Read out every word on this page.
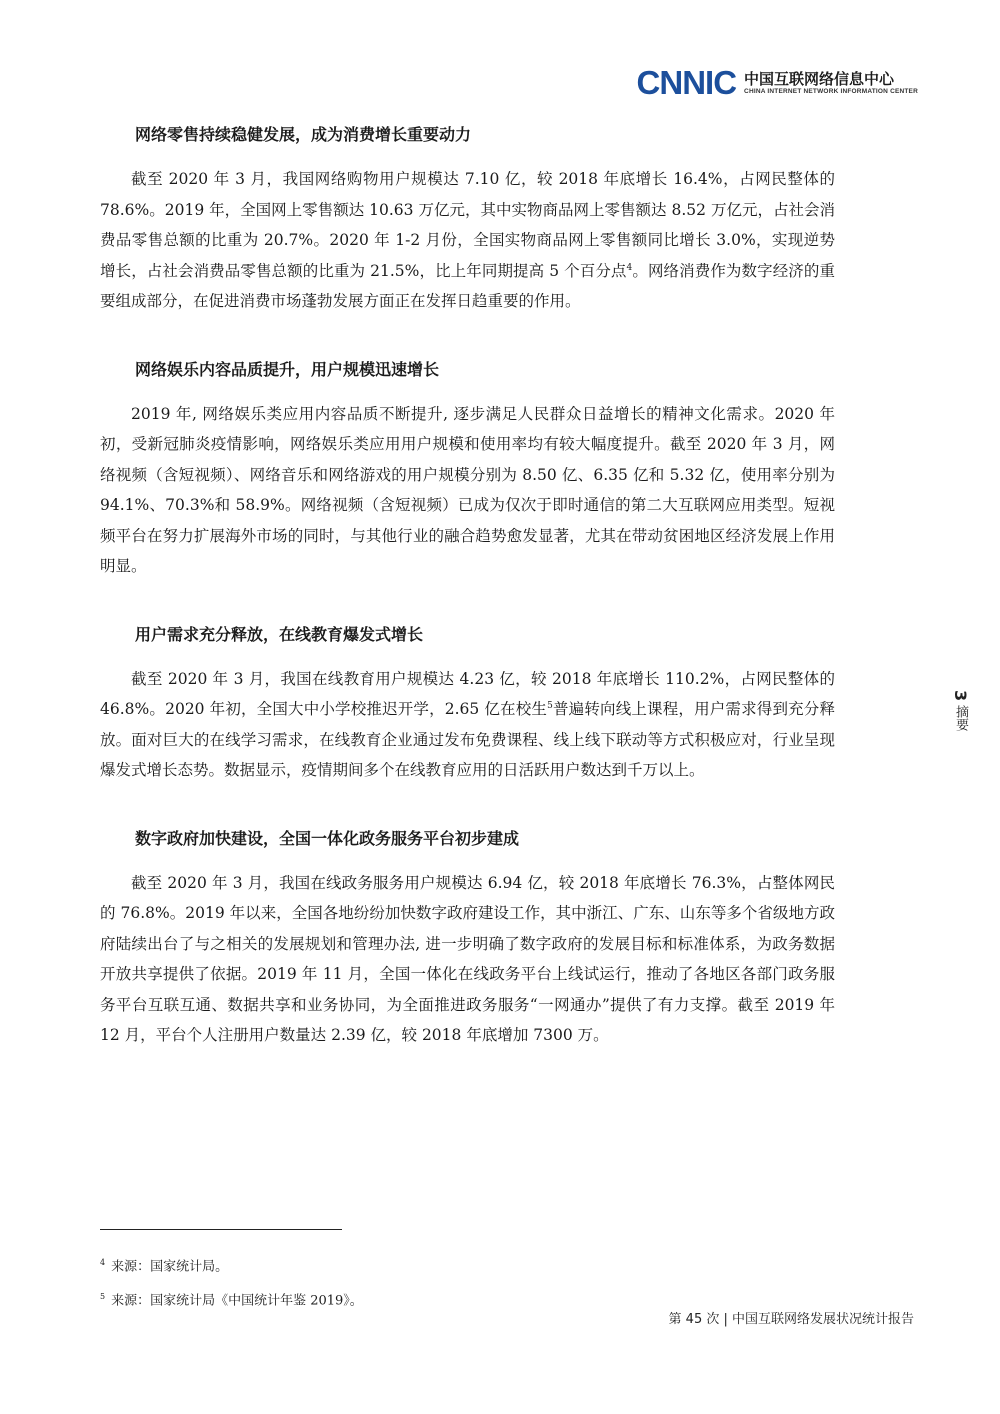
CNNIC 中国互联网络信息中心
CHINA INTERNET NETWORK INFORMATION CENTER
网络零售持续稳健发展，成为消费增长重要动力

截至 2020 年 3 月，我国网络购物用户规模达 7.10 亿，较 2018 年底增长 16.4%，占网民整体的 78.6%。2019 年，全国网上零售额达 10.63 万亿元，其中实物商品网上零售额达 8.52 万亿元，占社会消费品零售总额的比重为 20.7%。2020 年 1-2 月份，全国实物商品网上零售额同比增长 3.0%，实现逆势增长，占社会消费品零售总额的比重为 21.5%，比上年同期提高 5 个百分点$^4$。网络消费作为数字经济的重要组成部分，在促进消费市场蓬勃发展方面正在发挥日趋重要的作用。

网络娱乐内容品质提升，用户规模迅速增长

2019 年, 网络娱乐类应用内容品质不断提升, 逐步满足人民群众日益增长的精神文化需求。2020 年初，受新冠肺炎疫情影响，网络娱乐类应用用户规模和使用率均有较大幅度提升。截至 2020 年 3 月，网络视频（含短视频）、网络音乐和网络游戏的用户规模分别为 8.50 亿、6.35 亿和 5.32 亿，使用率分别为 94.1%、70.3%和 58.9%。网络视频（含短视频）已成为仅次于即时通信的第二大互联网应用类型。短视频平台在努力扩展海外市场的同时，与其他行业的融合趋势愈发显著，尤其在带动贫困地区经济发展上作用明显。

用户需求充分释放，在线教育爆发式增长

截至 2020 年 3 月，我国在线教育用户规模达 4.23 亿，较 2018 年底增长 110.2%，占网民整体的 46.8%。2020 年初，全国大中小学校推迟开学，2.65 亿在校生$^5$普遍转向线上课程，用户需求得到充分释放。面对巨大的在线学习需求，在线教育企业通过发布免费课程、线上线下联动等方式积极应对，行业呈现爆发式增长态势。数据显示，疫情期间多个在线教育应用的日活跃用户数达到千万以上。

数字政府加快建设，全国一体化政务服务平台初步建成

截至 2020 年 3 月，我国在线政务服务用户规模达 6.94 亿，较 2018 年底增长 76.3%，占整体网民的 76.8%。2019 年以来，全国各地纷纷加快数字政府建设工作，其中浙江、广东、山东等多个省级地方政府陆续出台了与之相关的发展规划和管理办法, 进一步明确了数字政府的发展目标和标准体系，为政务数据开放共享提供了依据。2019 年 11 月，全国一体化在线政务平台上线试运行，推动了各地区各部门政务服务平台互联互通、数据共享和业务协同，为全面推进政务服务“一网通办”提供了有力支撑。截至 2019 年 12 月，平台个人注册用户数量达 2.39 亿，较 2018 年底增加 7300 万。

3 摘要
$^4$ 来源：国家统计局。
$^5$ 来源：国家统计局《中国统计年鉴 2019》。
第 45 次 | 中国互联网络发展状况统计报告
